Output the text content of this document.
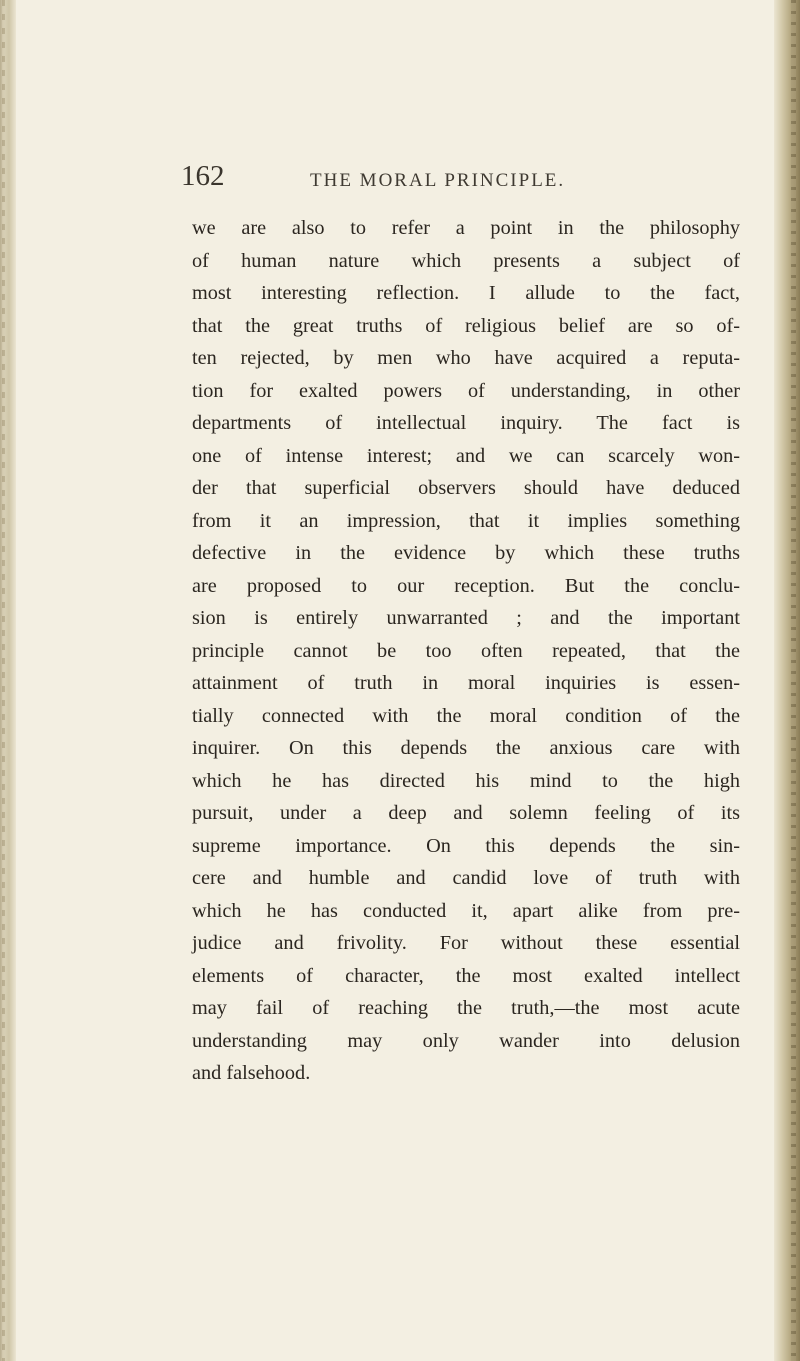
162	THE MORAL PRINCIPLE.
we are also to refer a point in the philosophy
of human nature which presents a subject of
most interesting reflection. I allude to the fact,
that the great truths of religious belief are so of-
ten rejected, by men who have acquired a reputa-
tion for exalted powers of understanding, in other
departments of intellectual inquiry. The fact is
one of intense interest; and we can scarcely won-
der that superficial observers should have deduced
from it an impression, that it implies something
defective in the evidence by which these truths
are proposed to our reception. But the conclu-
sion is entirely unwarranted ; and the important
principle cannot be too often repeated, that the
attainment of truth in moral inquiries is essen-
tially connected with the moral condition of the
inquirer. On this depends the anxious care with
which he has directed his mind to the high
pursuit, under a deep and solemn feeling of its
supreme importance. On this depends the sin-
cere and humble and candid love of truth with
which he has conducted it, apart alike from pre-
judice and frivolity. For without these essential
elements of character, the most exalted intellect
may fail of reaching the truth,—the most acute
understanding may only wander into delusion
and falsehood.
